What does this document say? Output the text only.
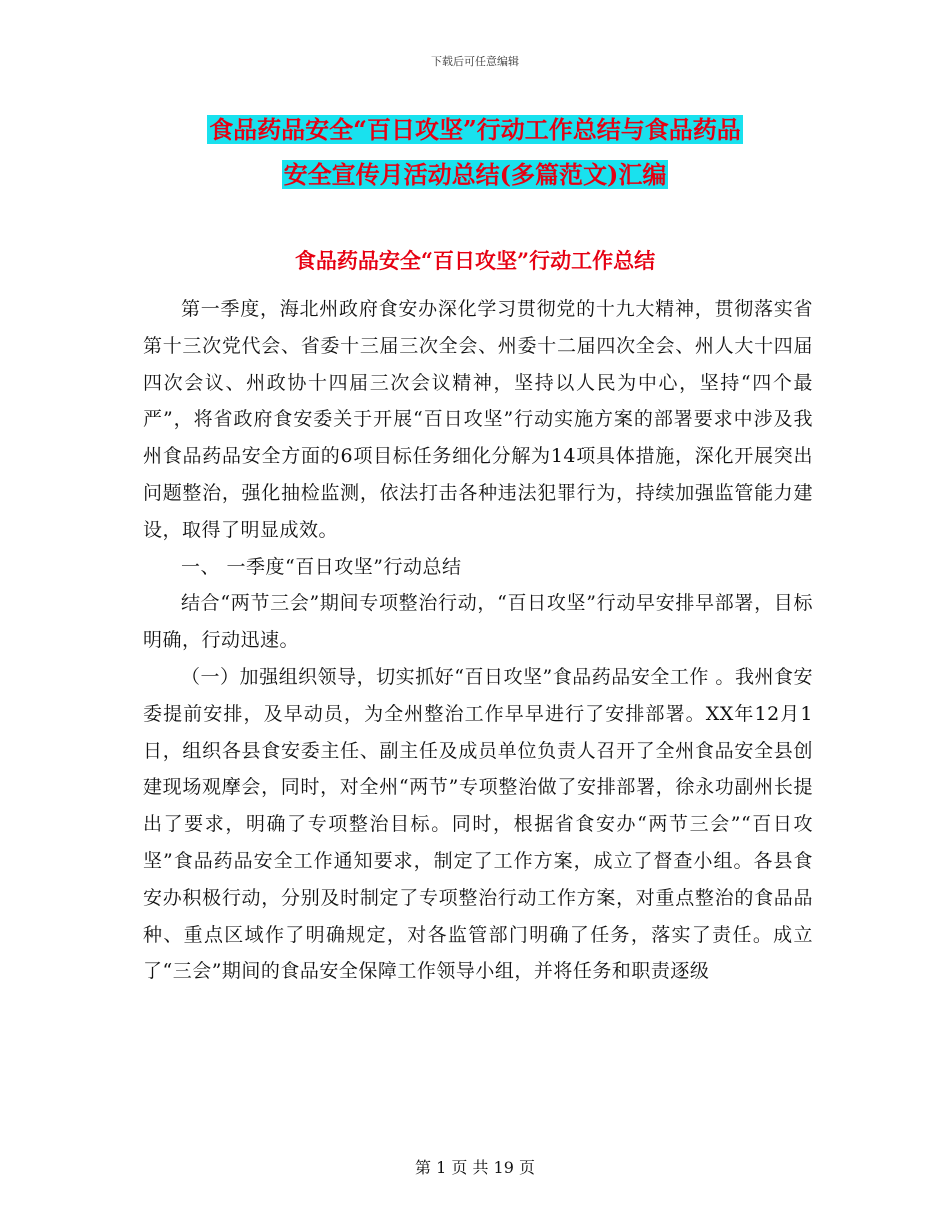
下载后可任意编辑
食品药品安全“百日攻坚”行动工作总结与食品药品
安全宣传月活动总结(多篇范文)汇编
食品药品安全“百日攻坚”行动工作总结

第一季度，海北州政府食安办深化学习贯彻党的十九大精神，贯彻落实省第十三次党代会、省委十三届三次全会、州委十二届四次全会、州人大十四届四次会议、州政协十四届三次会议精神，坚持以人民为中心，坚持“四个最严”，将省政府食安委关于开展“百日攻坚”行动实施方案的部署要求中涉及我州食品药品安全方面的6项目标任务细化分解为14项具体措施，深化开展突出问题整治，强化抽检监测，依法打击各种违法犯罪行为，持续加强监管能力建设，取得了明显成效。

一、 一季度“百日攻坚”行动总结

结合“两节三会”期间专项整治行动，“百日攻坚”行动早安排早部署，目标明确，行动迅速。

（一）加强组织领导，切实抓好“百日攻坚”食品药品安全工作 。我州食安委提前安排，及早动员，为全州整治工作早早进行了安排部署。XX年12月1日，组织各县食安委主任、副主任及成员单位负责人召开了全州食品安全县创建现场观摩会，同时，对全州“两节”专项整治做了安排部署，徐永功副州长提出了要求，明确了专项整治目标。同时，根据省食安办“两节三会”“百日攻坚”食品药品安全工作通知要求，制定了工作方案，成立了督查小组。各县食安办积极行动，分别及时制定了专项整治行动工作方案，对重点整治的食品品种、重点区域作了明确规定，对各监管部门明确了任务，落实了责任。成立了“三会”期间的食品安全保障工作领导小组，并将任务和职责逐级

第 1 页 共 19 页
